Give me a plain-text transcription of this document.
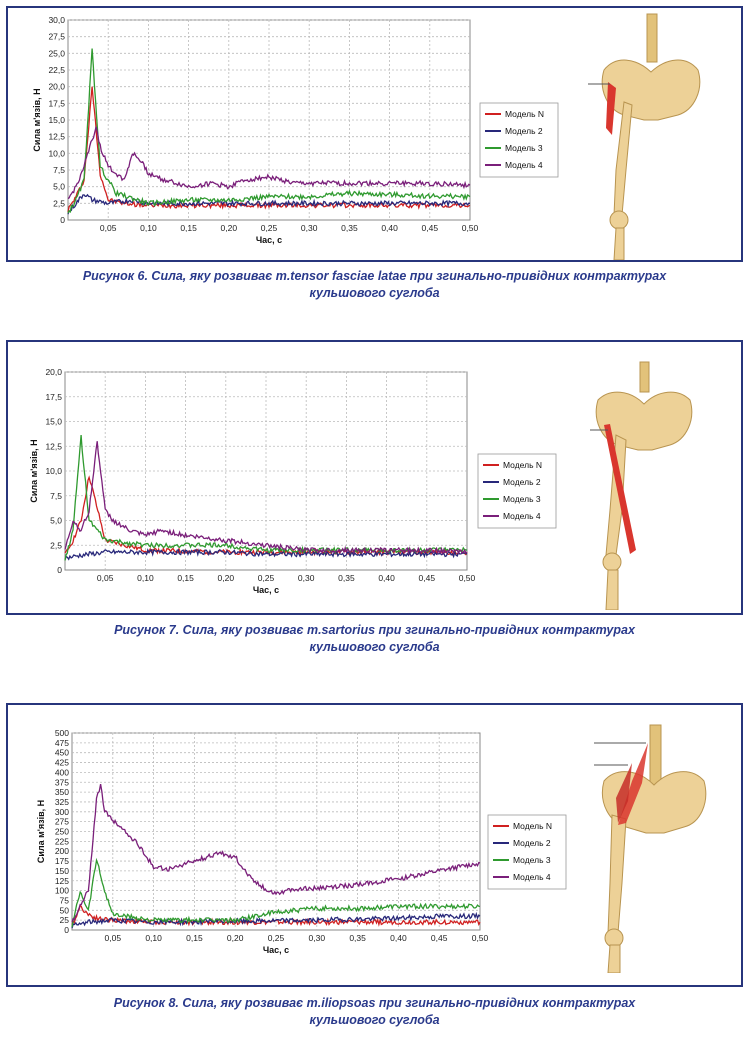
0
2,5
5,0
7,5
10,0
12,5
15,0
17,5
20,0
22,5
25,0
27,5
30,0
0,05	0,10	0,15	0,20	0,25	0,30	0,35	0,40	0,45	0,50
Час, с
Сила м'язів, Н	Модель N
Модель 2
Модель 3
Модель 4
Рисунок 6. Сила, яку розвиває m.tensor fasciae latae при згинально-привідних контрактурах
кульшового суглоба
0
2,5
5,0
7,5
10,0
12,5
15,0
17,5
20,0
0,05	0,10	0,15	0,20	0,25	0,30	0,35	0,40	0,45	0,50
Час, с
Сила м'язів, Н	Модель N
Модель 2
Модель 3
Модель 4
Рисунок 7. Сила, яку розвиває m.sartorius при згинально-привідних контрактурах
кульшового суглоба
0
25
50
75
100
125
150
175
200
225
250
275
300
325
350
375
400
425
450
475
500
0,05	0,10	0,15	0,20	0,25	0,30	0,35	0,40	0,45	0,50
Час, с
Сила м'язів, Н	Модель N
Модель 2
Модель 3
Модель 4
Рисунок 8. Сила, яку розвиває m.iliopsoas при згинально-привідних контрактурах
кульшового суглоба
